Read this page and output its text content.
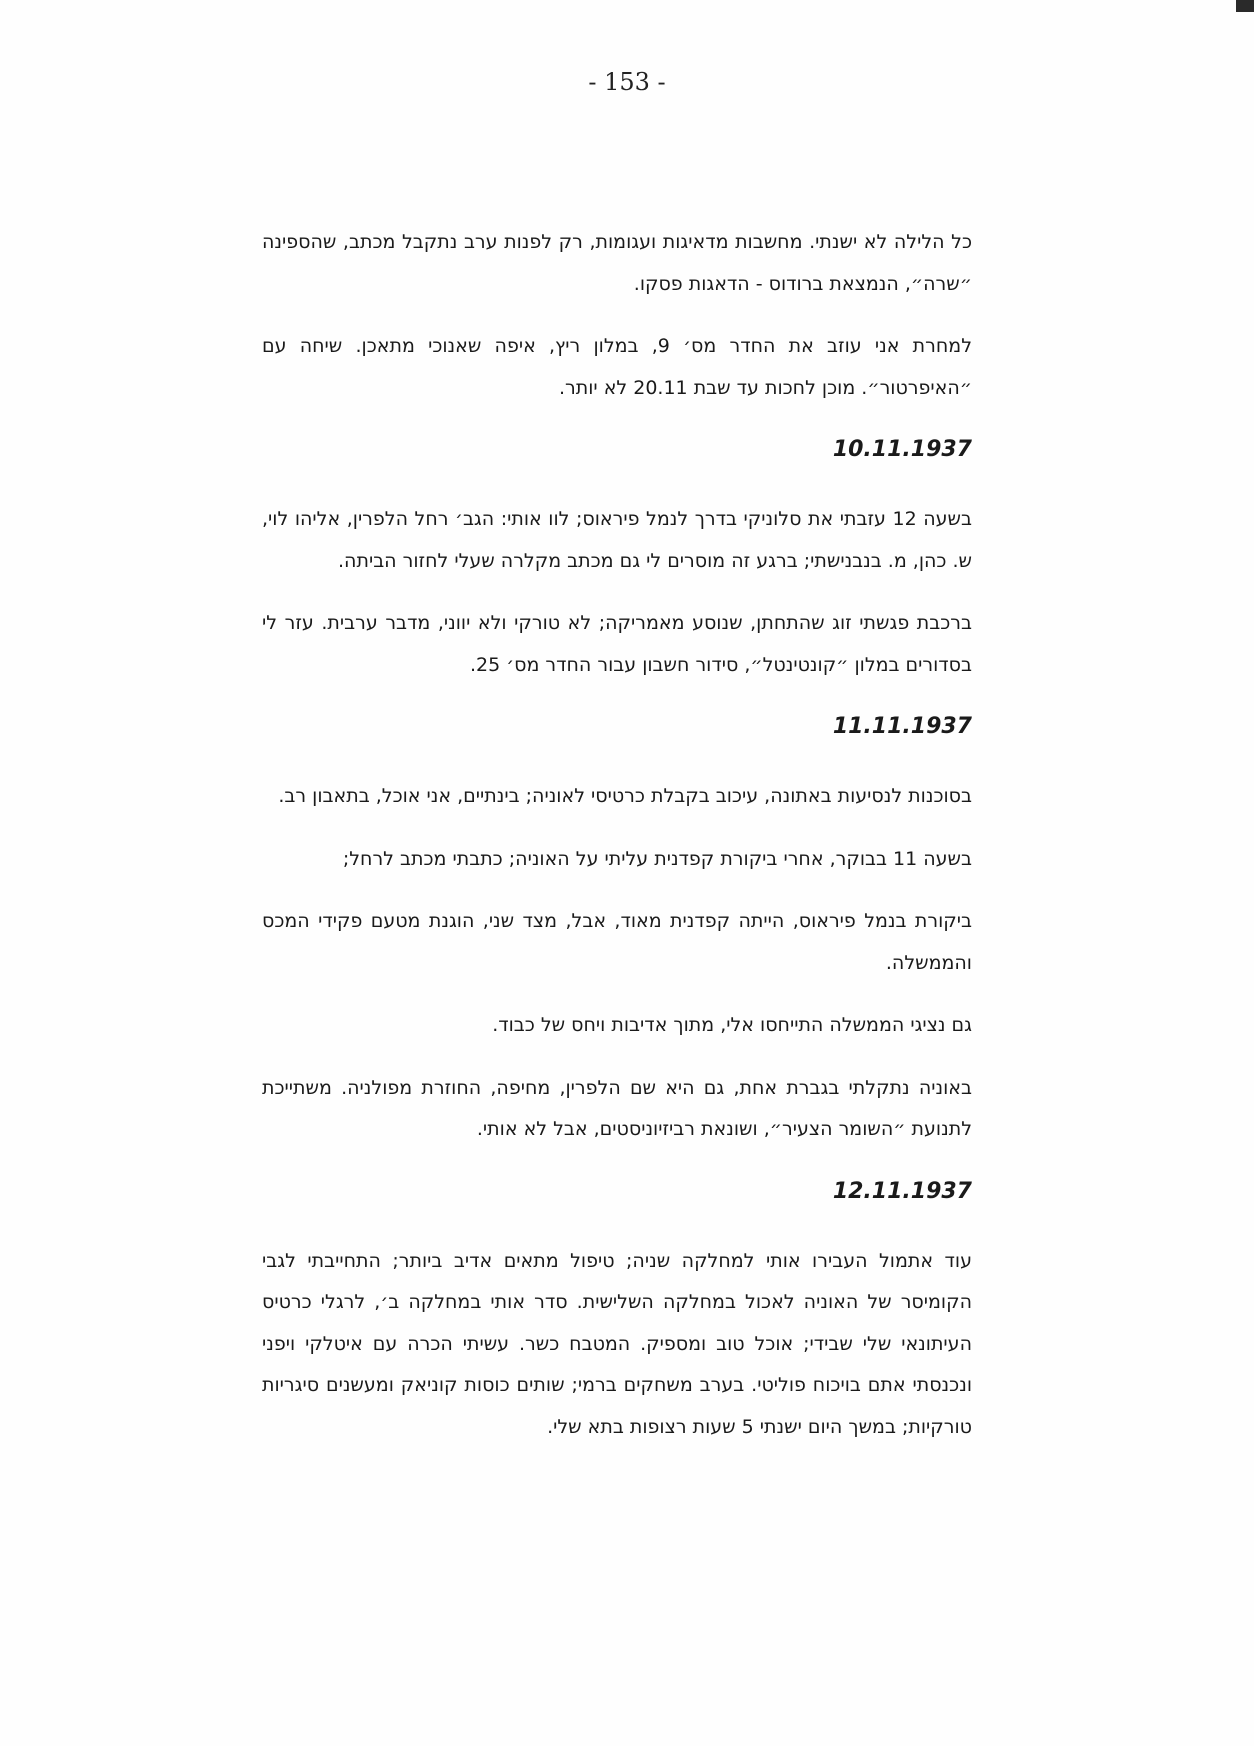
- 153 -

כל הלילה לא ישנתי. מחשבות מדאיגות ועגומות, רק לפנות ערב נתקבל מכתב, שהספינה ״שרה״, הנמצאת ברודוס - הדאגות פסקו.

למחרת אני עוזב את החדר מס׳ 9, במלון ריץ, איפה שאנוכי מתאכן. שיחה עם ״האיפרטור״. מוכן לחכות עד שבת 20.11 לא יותר.

10.11.1937

בשעה 12 עזבתי את סלוניקי בדרך לנמל פיראוס; לוו אותי: הגב׳ רחל הלפרין, אליהו לוי, ש. כהן, מ. בנבנישתי; ברגע זה מוסרים לי גם מכתב מקלרה שעלי לחזור הביתה.

ברכבת פגשתי זוג שהתחתן, שנוסע מאמריקה; לא טורקי ולא יווני, מדבר ערבית. עזר לי בסדורים במלון ״קונטינטל״, סידור חשבון עבור החדר מס׳ 25.

11.11.1937

בסוכנות לנסיעות באתונה, עיכוב בקבלת כרטיסי לאוניה; בינתיים, אני אוכל, בתאבון רב.

בשעה 11 בבוקר, אחרי ביקורת קפדנית עליתי על האוניה; כתבתי מכתב לרחל;

ביקורת בנמל פיראוס, הייתה קפדנית מאוד, אבל, מצד שני, הוגנת מטעם פקידי המכס והממשלה.

גם נציגי הממשלה התייחסו אלי, מתוך אדיבות ויחס של כבוד.

באוניה נתקלתי בגברת אחת, גם היא שם הלפרין, מחיפה, החוזרת מפולניה. משתייכת לתנועת ״השומר הצעיר״, ושונאת רביזיוניסטים, אבל לא אותי.

12.11.1937

עוד אתמול העבירו אותי למחלקה שניה; טיפול מתאים אדיב ביותר; התחייבתי לגבי הקומיסר של האוניה לאכול במחלקה השלישית. סדר אותי במחלקה ב׳, לרגלי כרטיס העיתונאי שלי שבידי; אוכל טוב ומספיק. המטבח כשר. עשיתי הכרה עם איטלקי ויפני ונכנסתי אתם בויכוח פוליטי. בערב משחקים ברמי; שותים כוסות קוניאק ומעשנים סיגריות טורקיות; במשך היום ישנתי 5 שעות רצופות בתא שלי.
